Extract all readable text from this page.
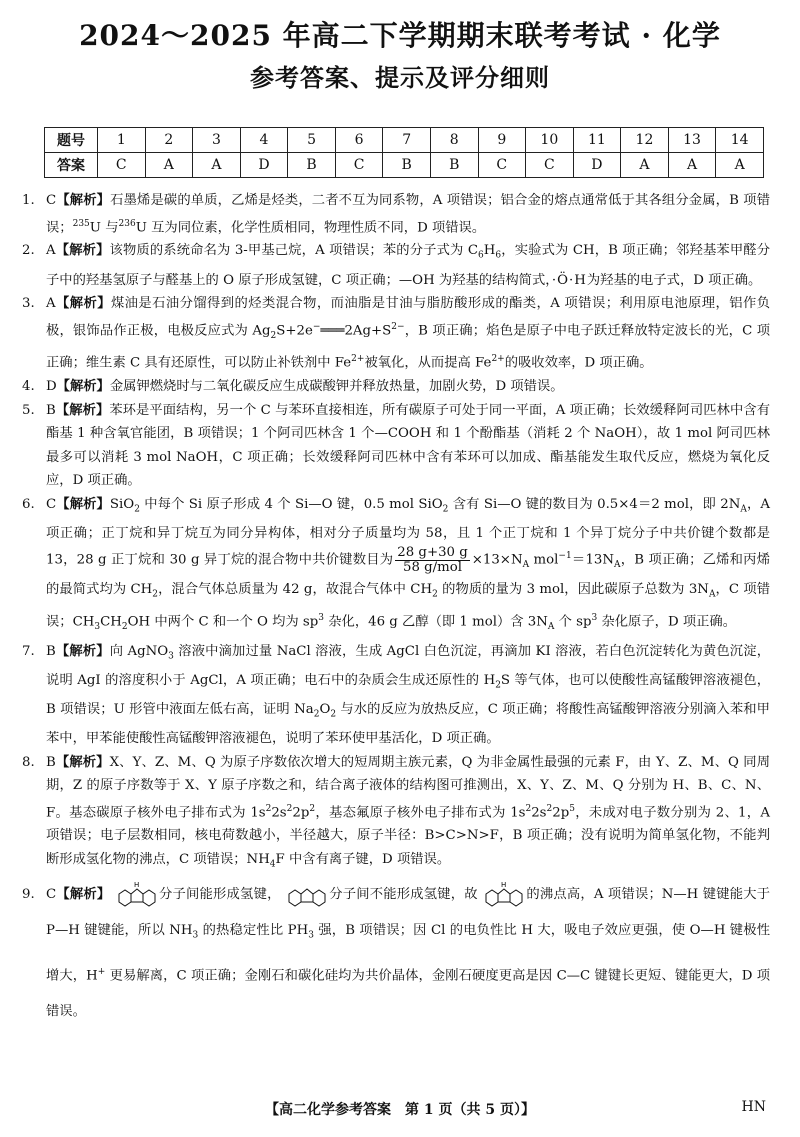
2024～2025 年高二下学期期末联考考试 · 化学
参考答案、提示及评分细则
题号	1	2	3	4	5	6	7	8	9	10	11	12	13	14
答案	C	A	A	D	B	C	B	B	C	C	D	A	A	A

1. C【解析】石墨烯是碳的单质，乙烯是烃类，二者不互为同系物，A 项错误；铝合金的熔点通常低于其各组分金属，B 项错误；$^{235}$U 与$^{236}$U 互为同位素，化学性质相同，物理性质不同，D 项错误。

2. A【解析】该物质的系统命名为 3-甲基己烷，A 项错误；苯的分子式为 $C_6H_6$，实验式为 CH，B 项正确；邻羟基苯甲醛分子中的羟基氢原子与醛基上的 O 原子形成氢键，C 项正确；—OH 为羟基的结构简式，·Ö·H为羟基的电子式，D 项正确。

3. A【解析】煤油是石油分馏得到的烃类混合物，而油脂是甘油与脂肪酸形成的酯类，A 项错误；利用原电池原理，铝作负极，银饰品作正极，电极反应式为 $Ag_2S+2e^-═══2Ag+S^{2-}$，B 项正确；焰色是原子中电子跃迁释放特定波长的光，C 项正确；维生素 C 具有还原性，可以防止补铁剂中 $Fe^{2+}$被氧化，从而提高 $Fe^{2+}$的吸收效率，D 项正确。

4. D【解析】金属钾燃烧时与二氧化碳反应生成碳酸钾并释放热量，加剧火势，D 项错误。

5. B【解析】苯环是平面结构，另一个 C 与苯环直接相连，所有碳原子可处于同一平面，A 项正确；长效缓释阿司匹林中含有酯基 1 种含氧官能团，B 项错误；1 个阿司匹林含 1 个—COOH 和 1 个酚酯基（消耗 2 个 NaOH），故 1 mol 阿司匹林最多可以消耗 3 mol NaOH，C 项正确；长效缓释阿司匹林中含有苯环可以加成、酯基能发生取代反应，燃烧为氧化反应，D 项正确。

6. C【解析】SiO$_2$ 中每个 Si 原子形成 4 个 Si—O 键，0.5 mol SiO$_2$ 含有 Si—O 键的数目为 0.5×4＝2 mol，即 $2N_A$，A 项正确；正丁烷和异丁烷互为同分异构体，相对分子质量均为 58，且 1 个正丁烷和 1 个异丁烷分子中共价键个数都是 13，28 g 正丁烷和 30 g 异丁烷的混合物中共价键数目为 $\frac{28 g+30 g}{\text{58 g/mol}} \times 13\times N_A$ $mol^{-1}=13N_A$，B 项正确；乙烯和丙烯的最简式均为 $CH_2$，混合气体总质量为 42 g，故混合气体中 $CH_2$ 的物质的量为 3 mol，因此碳原子总数为 $3N_A$，C 项错误；$CH_3CH_2OH$ 中两个 C 和一个 O 均为 $sp^3$ 杂化，46 g 乙醇（即 1 mol）含 $3N_A$ 个 $sp^3$ 杂化原子，D 项正确。

7. B【解析】向 AgNO$_3$ 溶液中滴加过量 NaCl 溶液，生成 AgCl 白色沉淀，再滴加 KI 溶液，若白色沉淀转化为黄色沉淀，说明 AgI 的溶度积小于 AgCl，A 项正确；电石中的杂质会生成还原性的 $H_2S$ 等气体，也可以使酸性高锰酸钾溶液褪色，B 项错误；U 形管中液面左低右高，证明 $Na_2O_2$ 与水的反应为放热反应，C 项正确；将酸性高锰酸钾溶液分别滴入苯和甲苯中，甲苯能使酸性高锰酸钾溶液褪色，说明了苯环使甲基活化，D 项正确。

8. B【解析】X、Y、Z、M、Q 为原子序数依次增大的短周期主族元素，Q 为非金属性最强的元素 F，由 Y、Z、M、Q 同周期，Z 的原子序数等于 X、Y 原子序数之和，结合离子液体的结构图可推测出，X、Y、Z、M、Q 分别为 H、B、C、N、F。基态碳原子核外电子排布式为 $1s^22s^22p^2$，基态氟原子核外电子排布式为 $1s^22s^22p^5$，未成对电子数分别为 2、1，A 项错误；电子层数相同，核电荷数越小，半径越大，原子半径：B>C>N>F，B 项正确；没有说明为简单氢化物，不能判断形成氢化物的沸点，C 项错误；$NH_4F$ 中含有离子键，D 项错误。

9. C【解析】
H
分子间能形成氢键，	分子间不能形成氢键，故
H
的沸点高，A 项错误；N—H 键键能大于 P—H 键键能，所以 $NH_3$ 的热稳定性比 $PH_3$ 强，B 项错误；因 Cl 的电负性比 H 大，吸电子效应更强，使 O—H 键极性增大，H+ 更易解离，C 项正确；金刚石和碳化硅均为共价晶体，金刚石硬度更高是因 C—C 键键长更短、键能更大，D 项错误。

【高二化学参考答案　第 1 页（共 5 页）】	HN
